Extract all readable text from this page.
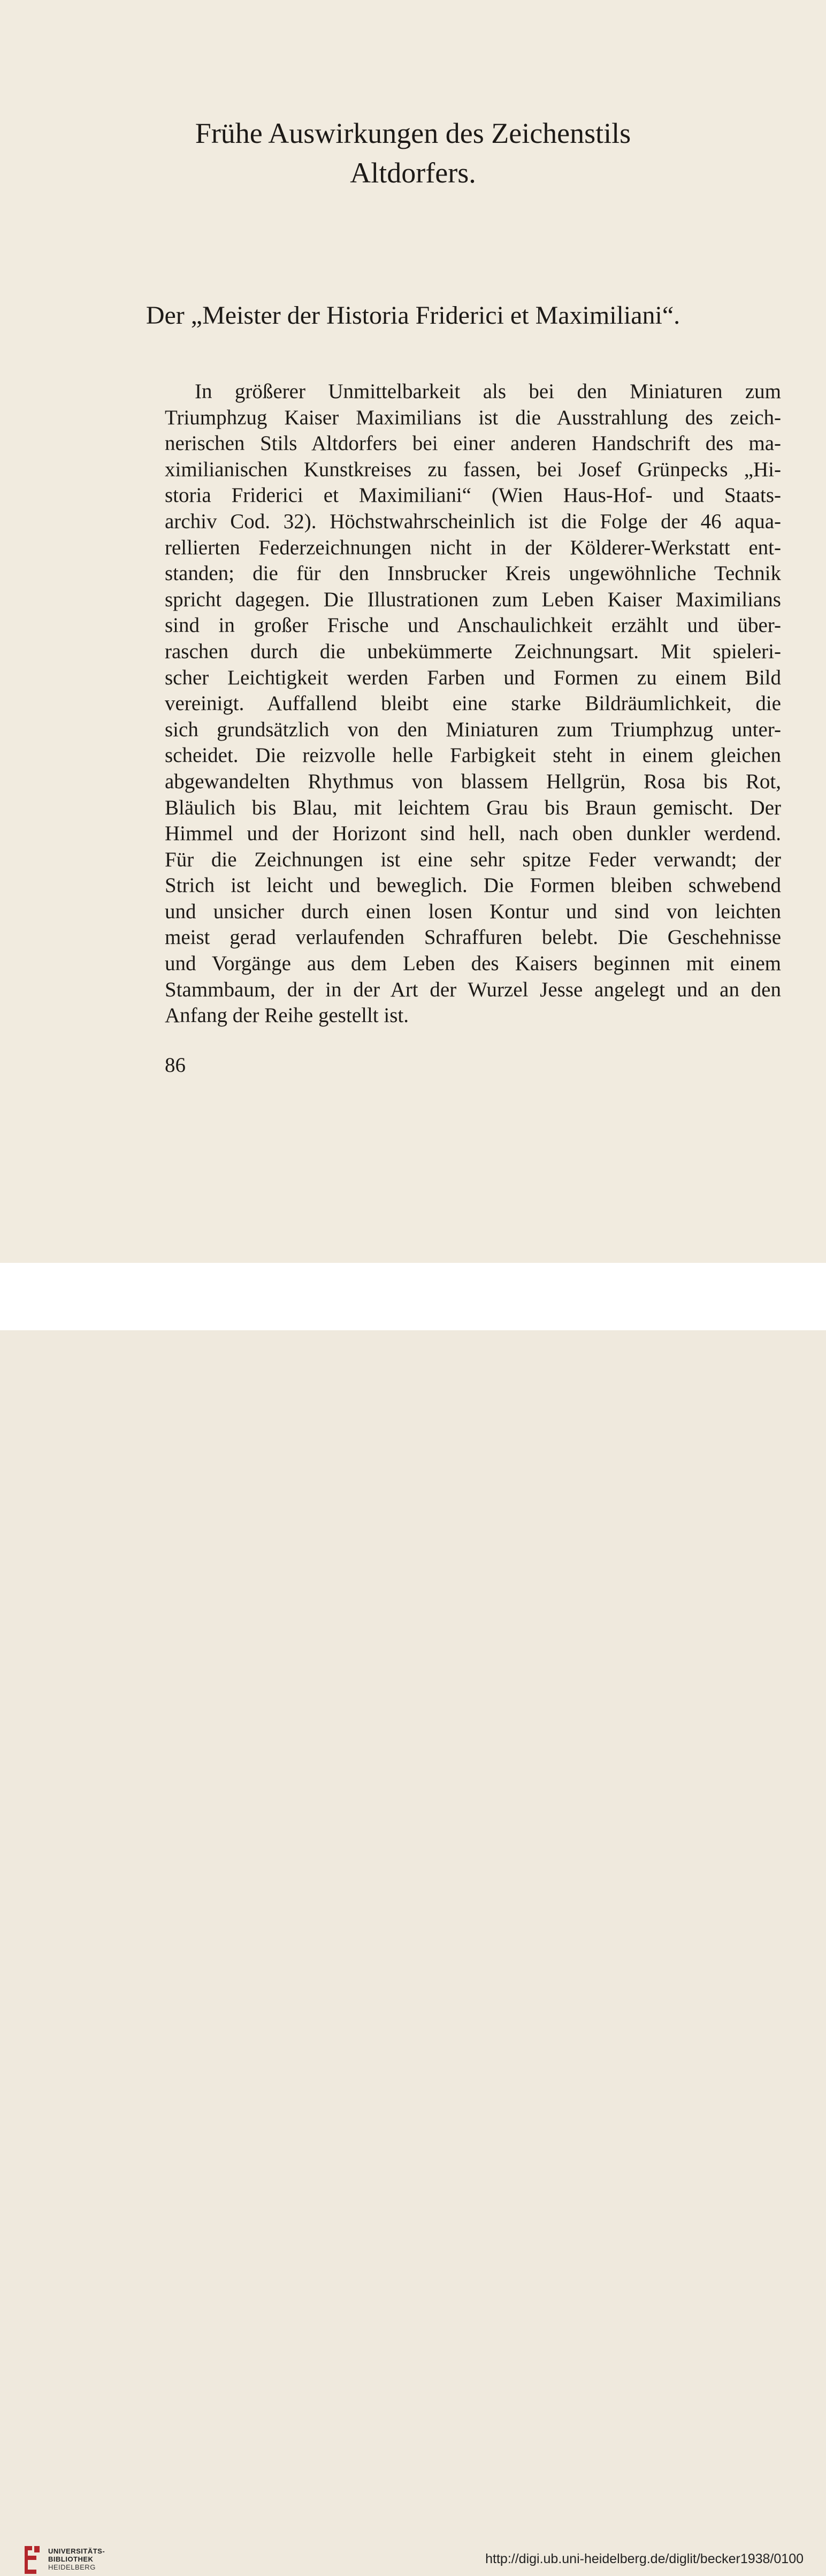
Frühe Auswirkungen des Zeichenstils
Altdorfers.
Der „Meister der Historia Friderici et Maximiliani“.
In größerer Unmittelbarkeit als bei den Miniaturen zum
Triumphzug Kaiser Maximilians ist die Ausstrahlung des zeich-
nerischen Stils Altdorfers bei einer anderen Handschrift des ma-
ximilianischen Kunstkreises zu fassen, bei Josef Grünpecks „Hi-
storia Friderici et Maximiliani“ (Wien Haus-Hof- und Staats-
archiv Cod. 32). Höchstwahrscheinlich ist die Folge der 46 aqua-
rellierten Federzeichnungen nicht in der Kölderer-Werkstatt ent-
standen; die für den Innsbrucker Kreis ungewöhnliche Technik
spricht dagegen. Die Illustrationen zum Leben Kaiser Maximilians
sind in großer Frische und Anschaulichkeit erzählt und über-
raschen durch die unbekümmerte Zeichnungsart. Mit spieleri-
scher Leichtigkeit werden Farben und Formen zu einem Bild
vereinigt. Auffallend bleibt eine starke Bildräumlichkeit, die
sich grundsätzlich von den Miniaturen zum Triumphzug unter-
scheidet. Die reizvolle helle Farbigkeit steht in einem gleichen
abgewandelten Rhythmus von blassem Hellgrün, Rosa bis Rot,
Bläulich bis Blau, mit leichtem Grau bis Braun gemischt. Der
Himmel und der Horizont sind hell, nach oben dunkler werdend.
Für die Zeichnungen ist eine sehr spitze Feder verwandt; der
Strich ist leicht und beweglich. Die Formen bleiben schwebend
und unsicher durch einen losen Kontur und sind von leichten
meist gerad verlaufenden Schraffuren belebt. Die Geschehnisse
und Vorgänge aus dem Leben des Kaisers beginnen mit einem
Stammbaum, der in der Art der Wurzel Jesse angelegt und an den
Anfang der Reihe gestellt ist.

86

UNIVERSITÄTS-
BIBLIOTHEK
HEIDELBERG
http://digi.ub.uni-heidelberg.de/diglit/becker1938/0100
